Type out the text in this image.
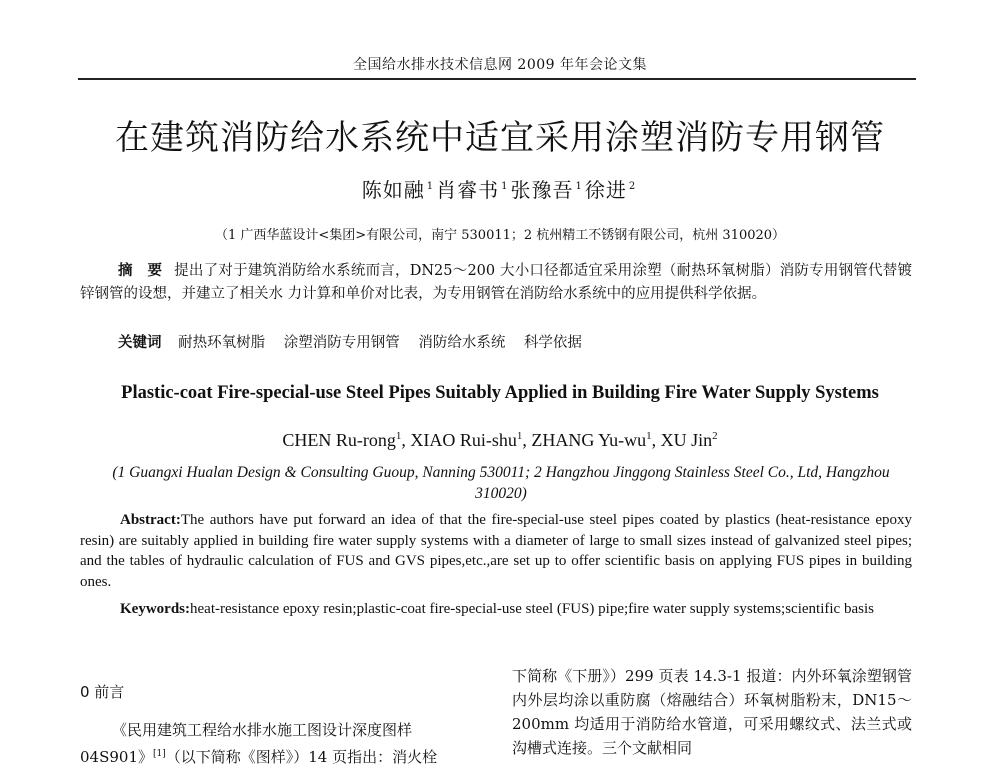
全国给水排水技术信息网 2009 年年会论文集
在建筑消防给水系统中适宜采用涂塑消防专用钢管
陈如融 $^1$ 肖睿书 $^1$ 张豫吾 $^1$ 徐进 $^2$
（1 广西华蓝设计<集团>有限公司，南宁 530011；2 杭州精工不锈钢有限公司，杭州 310020）
摘　要 提出了对于建筑消防给水系统而言，DN25～200 大小口径都适宜采用涂塑（耐热环氧树脂）消防专用钢管代替镀锌钢管的设想，并建立了相关水 力计算和单价对比表，为专用钢管在消防给水系统中的应用提供科学依据。
关键词 耐热环氧树脂 涂塑消防专用钢管 消防给水系统 科学依据
Plastic-coat Fire-special-use Steel Pipes Suitably Applied in Building Fire Water Supply Systems
CHEN Ru-rong$^1$, XIAO Rui-shu$^1$, ZHANG $Yu-wu^1$, XU Jin$^2$
(1 Guangxi Hualan Design & Consulting Guoup, Nanning 530011; 2 Hangzhou Jinggong Stainless Steel Co., Ltd, Hangzhou 310020)
Abstract:The authors have put forward an idea of that the fire-special-use steel pipes coated by plastics (heat-resistance epoxy resin) are suitably applied in building fire water supply systems with a diameter of large to small sizes instead of galvanized steel pipes; and the tables of hydraulic calculation of FUS and GVS pipes,etc.,are set up to offer scientific basis on applying FUS pipes in building ones.
Keywords:heat-resistance epoxy resin;plastic-coat fire-special-use steel (FUS) pipe;fire water supply systems;scientific basis
0 前言
《民用建筑工程给水排水施工图设计深度图样 04S901》[1]（以下简称《图样》）14 页指出：消火栓
下简称《下册》）299 页表 14.3-1 报道：内外环氧涂塑钢管内外层均涂以重防腐（熔融结合）环氧树脂粉末，DN15～200mm 均适用于消防给水管道，可采用螺纹式、法兰式或沟槽式连接。三个文献相同
